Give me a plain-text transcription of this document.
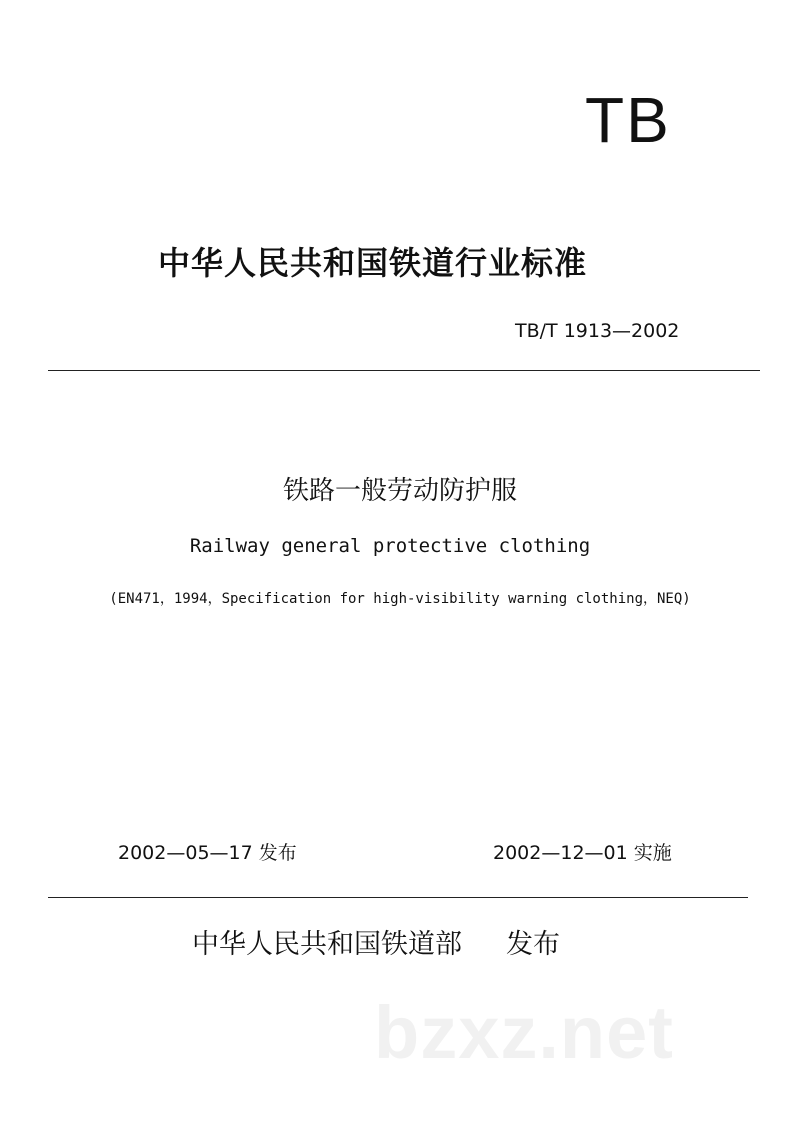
TB
中华人民共和国铁道行业标准
TB/T 1913—2002
铁路一般劳动防护服
Railway general protective clothing
(EN471，1994，Specification for high-visibility warning clothing，NEQ)
2002—05—17 发布	2002—12—01 实施
中华人民共和国铁道部 发布
bzxz.net
